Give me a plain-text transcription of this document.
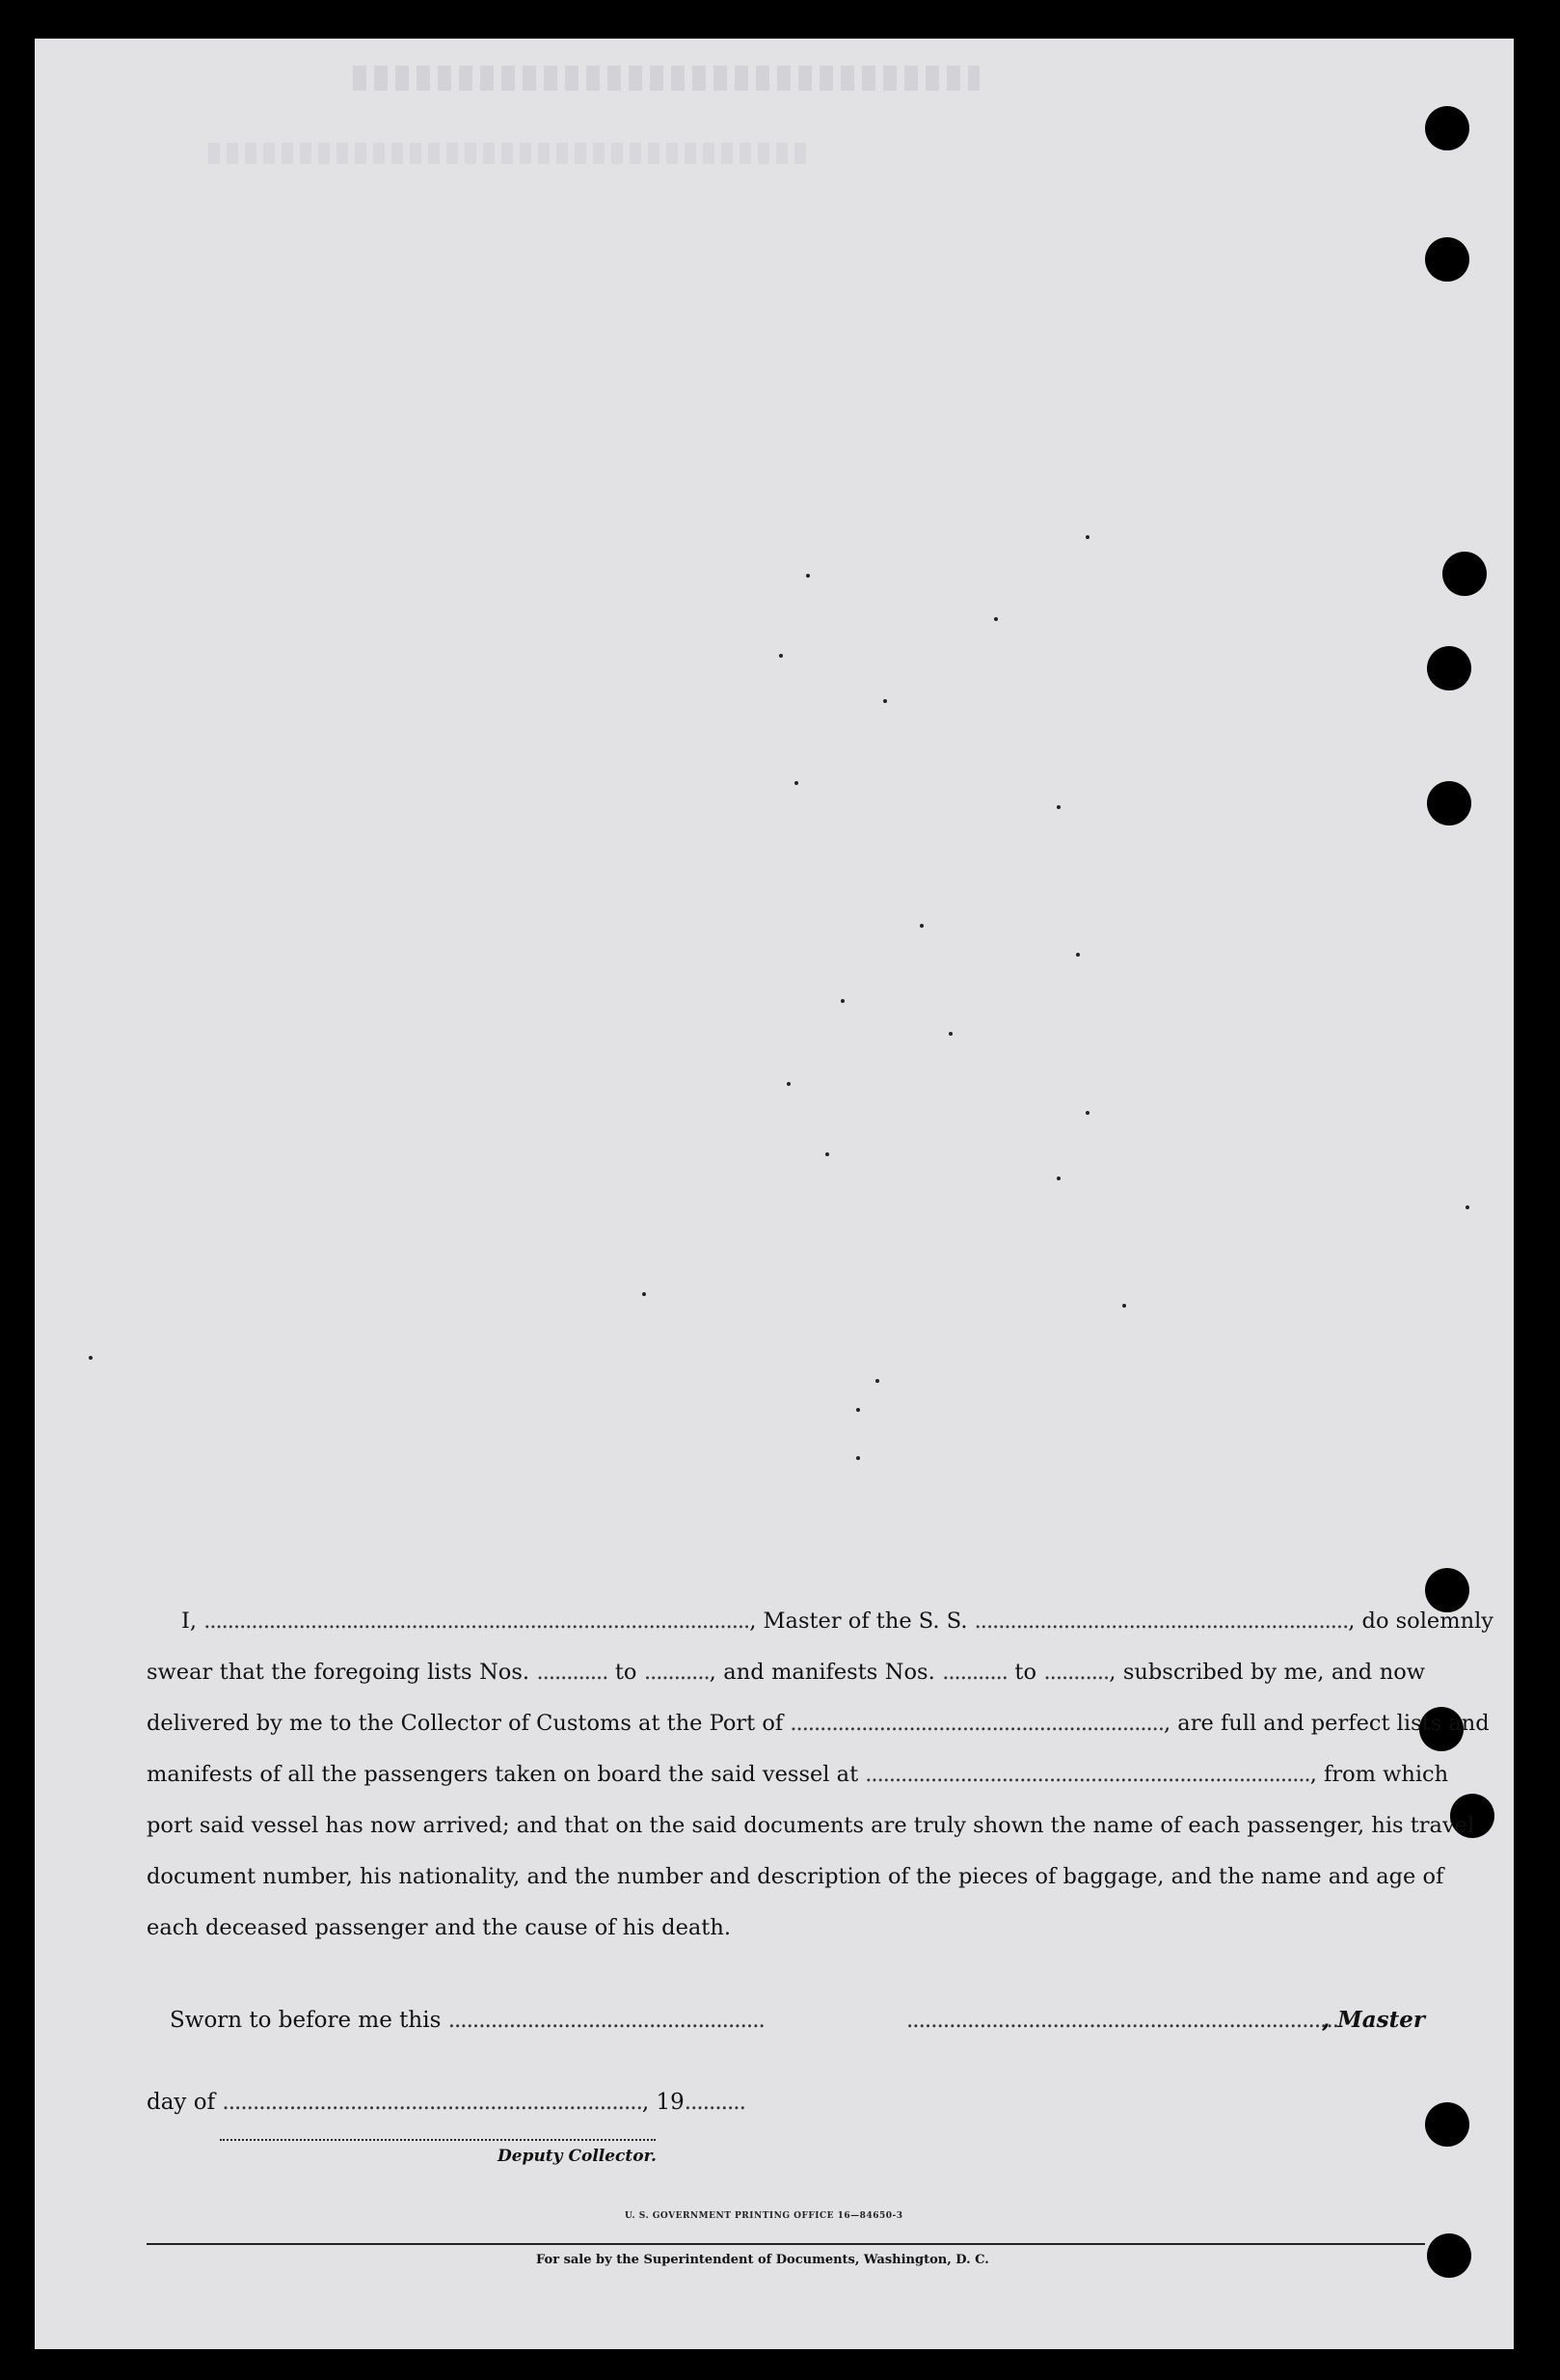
I, ............................................................................................, Master of the S. S. ..............................................................., do solemnly

swear that the foregoing lists Nos. ............ to ..........., and manifests Nos. ........... to ..........., subscribed by me, and now

delivered by me to the Collector of Customs at the Port of ..............................................................., are full and perfect lists and

manifests of all the passengers taken on board the said vessel at ..........................................................................., from which

port said vessel has now arrived; and that on the said documents are truly shown the name of each passenger, his travel

document number, his nationality, and the number and description of the pieces of baggage, and the name and age of

each deceased passenger and the cause of his death.

Sworn to before me this ....................................................	.......................................................................
, Master
day of ....................................................................., 19..........
Deputy Collector.
U. S. GOVERNMENT PRINTING OFFICE 16—84650-3
For sale by the Superintendent of Documents, Washington, D. C.
